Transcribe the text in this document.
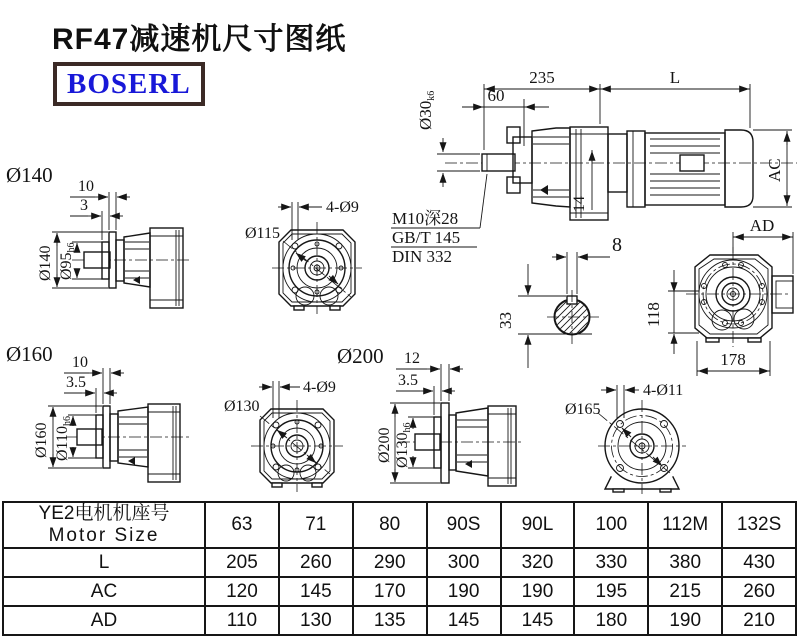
RF47减速机尺寸图纸
BOSERL	235	L
60
Ø30k6
14
AC
M10深28
GB/T 145
DIN 332
8
33
AD
118
178
Ø140 10
3
Ø140 Ø95h6
4-Ø9
Ø115
Ø160 10
3.5
Ø160 Ø110h6
4-Ø9
Ø130
Ø200 12
3.5
Ø200 Ø130h6
4-Ø11
Ø165
YE2电机机座号
Motor Size	63	71	80	90S	90L	100	112M	132S
L	205	260	290	300	320	330	380	430
AC	120	145	170	190	190	195	215	260
AD	110	130	135	145	145	180	190	210
